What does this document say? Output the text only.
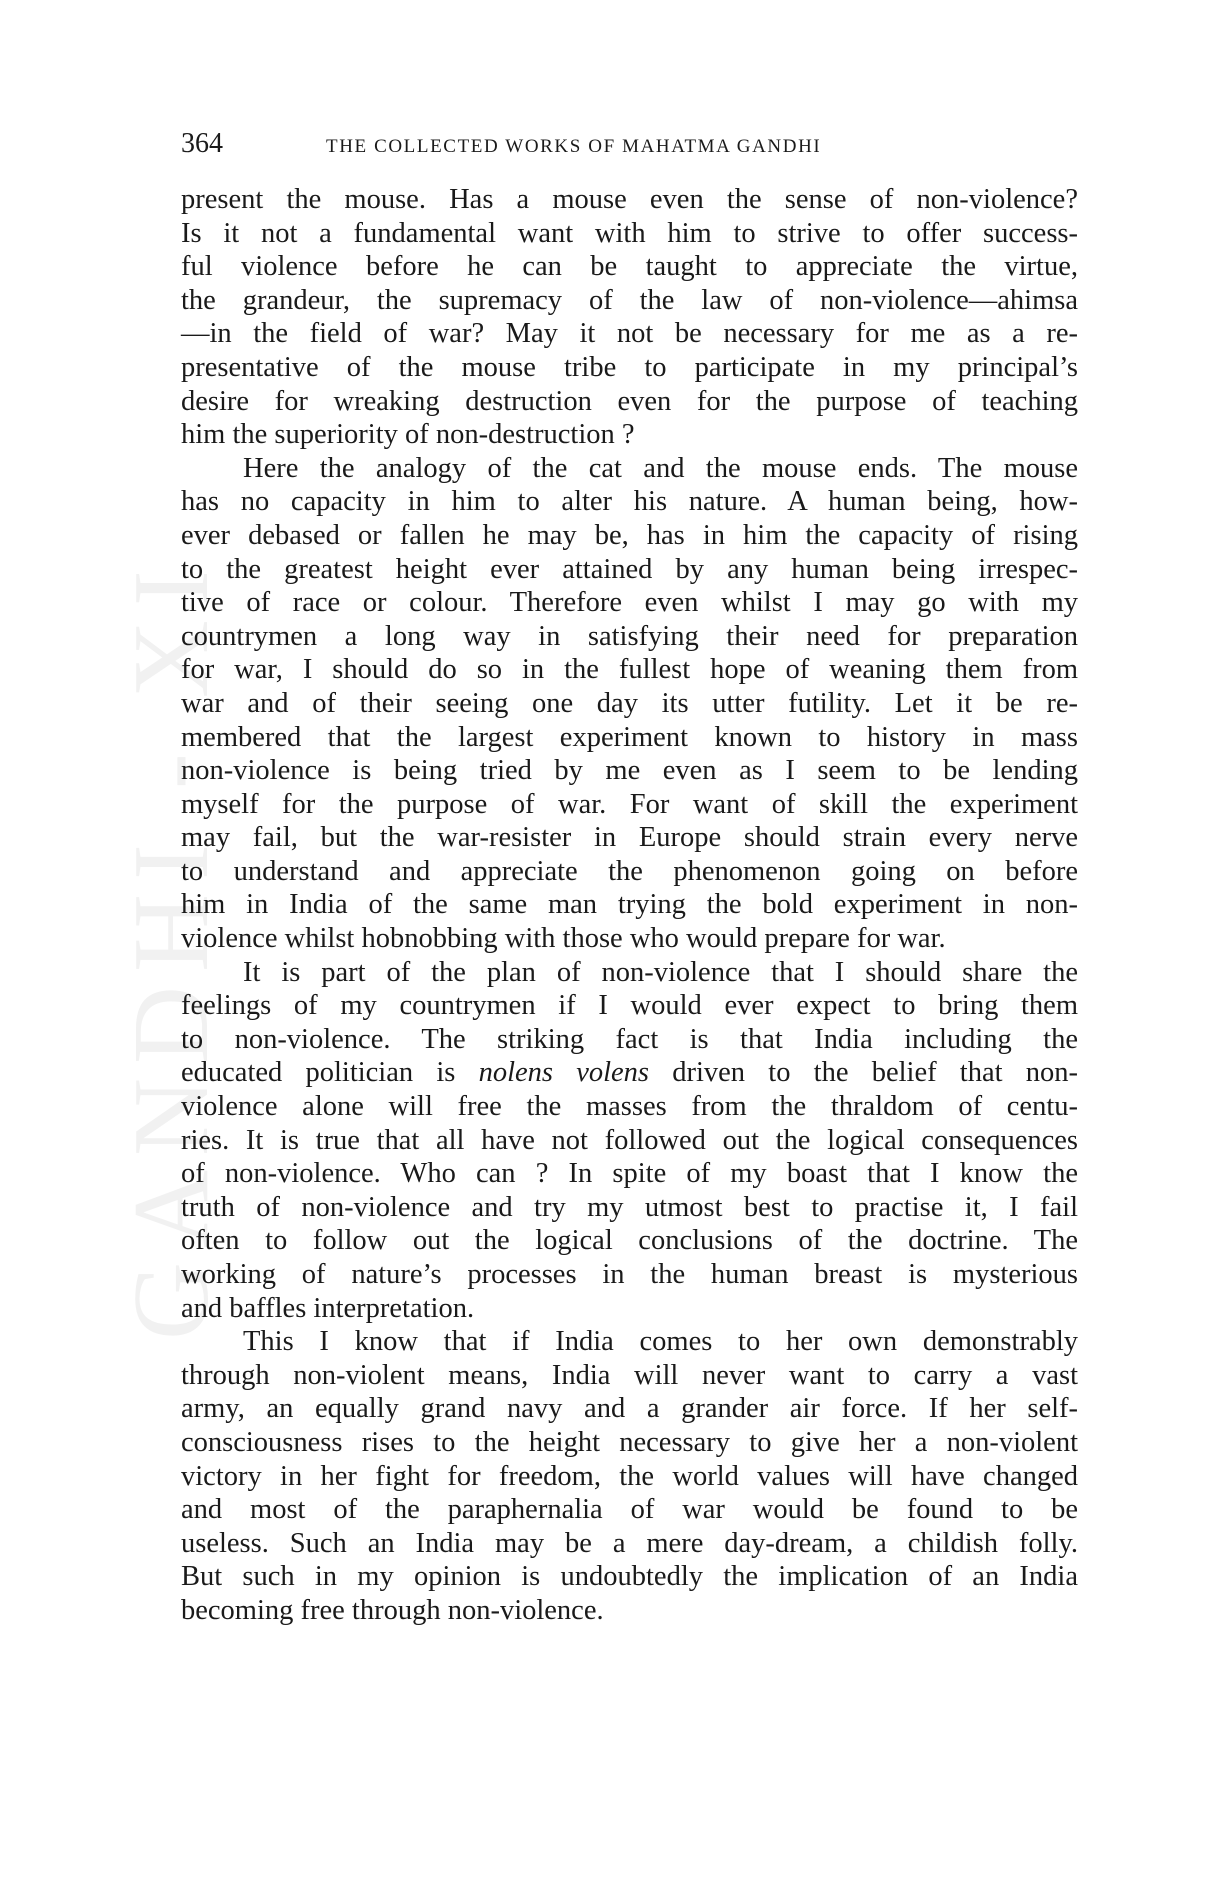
GANDHI - XI
364	THE COLLECTED WORKS OF MAHATMA GANDHI
present the mouse. Has a mouse even the sense of non-violence?
Is it not a fundamental want with him to strive to offer success-
ful violence before he can be taught to appreciate the virtue,
the grandeur, the supremacy of the law of non-violence—ahimsa
—in the field of war? May it not be necessary for me as a re-
presentative of the mouse tribe to participate in my principal’s
desire for wreaking destruction even for the purpose of teaching
him the superiority of non-destruction ?
Here the analogy of the cat and the mouse ends. The mouse
has no capacity in him to alter his nature. A human being, how-
ever debased or fallen he may be, has in him the capacity of rising
to the greatest height ever attained by any human being irrespec-
tive of race or colour. Therefore even whilst I may go with my
countrymen a long way in satisfying their need for preparation
for war, I should do so in the fullest hope of weaning them from
war and of their seeing one day its utter futility. Let it be re-
membered that the largest experiment known to history in mass
non-violence is being tried by me even as I seem to be lending
myself for the purpose of war. For want of skill the experiment
may fail, but the war-resister in Europe should strain every nerve
to understand and appreciate the phenomenon going on before
him in India of the same man trying the bold experiment in non-
violence whilst hobnobbing with those who would prepare for war.
It is part of the plan of non-violence that I should share the
feelings of my countrymen if I would ever expect to bring them
to non-violence. The striking fact is that India including the
educated politician is nolens volens driven to the belief that non-
violence alone will free the masses from the thraldom of centu-
ries. It is true that all have not followed out the logical consequences
of non-violence. Who can ? In spite of my boast that I know the
truth of non-violence and try my utmost best to practise it, I fail
often to follow out the logical conclusions of the doctrine. The
working of nature’s processes in the human breast is mysterious
and baffles interpretation.
This I know that if India comes to her own demonstrably
through non-violent means, India will never want to carry a vast
army, an equally grand navy and a grander air force. If her self-
consciousness rises to the height necessary to give her a non-violent
victory in her fight for freedom, the world values will have changed
and most of the paraphernalia of war would be found to be
useless. Such an India may be a mere day-dream, a childish folly.
But such in my opinion is undoubtedly the implication of an India
becoming free through non-violence.
